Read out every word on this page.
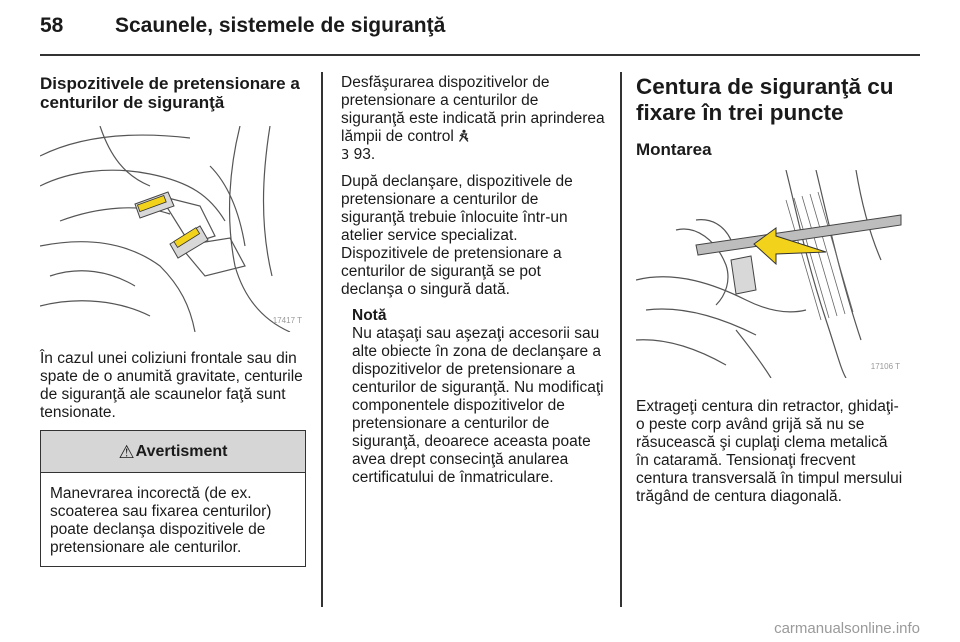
58 Scaunele, sistemele de siguranţă
Dispozitivele de pretensionare a centurilor de siguranţă
17417 T

În cazul unei coliziuni frontale sau din spate de o anumită gravitate, centurile de siguranţă ale scaunelor faţă sunt tensionate.

⚠ Avertisment
Manevrarea incorectă (de ex. scoaterea sau fixarea centurilor) poate declanşa dispozitivele de pretensionare ale centurilor.

Desfăşurarea dispozitivelor de pretensionare a centurilor de siguranţă este indicată prin aprinderea lămpii de control
3 93.

După declanşare, dispozitivele de pretensionare a centurilor de siguranţă trebuie înlocuite într-un atelier service specializat.

Dispozitivele de pretensionare a centurilor de siguranţă se pot declanşa o singură dată.

Notă
Nu ataşaţi sau aşezaţi accesorii sau alte obiecte în zona de declanşare a dispozitivelor de pretensionare a centurilor de siguranţă. Nu modificaţi componentele dispozitivelor de pretensionare a centurilor de siguranţă, deoarece aceasta poate avea drept consecinţă anularea certificatului de înmatriculare.
Centura de siguranţă cu fixare în trei puncte
Montarea
17106 T

Extrageţi centura din retractor, ghidaţi-o peste corp având grijă să nu se răsucească şi cuplaţi clema metalică în cataramă. Tensionaţi frecvent centura transversală în timpul mersului trăgând de centura diagonală.

carmanualsonline.info
